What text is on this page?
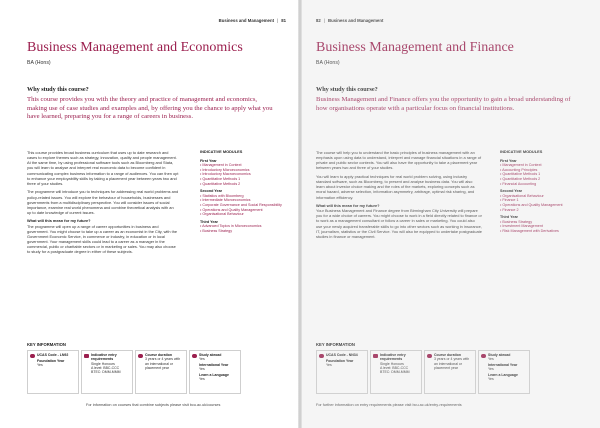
Business and Management | 81
Business Management and Economics
BA (Hons)
Why study this course?
This course provides you with the theory and practice of management and economics, making use of case studies and examples and, by offering you the chance to apply what you have learned, preparing you for a range of careers in business.

This course provides broad business curriculum that uses up to date research and cases to explore themes such as strategy, innovation, quality and people management. At the same time, by using professional software tools such as Bloomberg and Stata, you will learn to analyse and interpret real economic data to become confident in communicating complex business information to a range of audiences. You can then opt to enhance your employability skills by taking a placement year between years two and three of your studies.

The programme will introduce you to techniques for addressing real world problems and policy-related issues. You will explore the behaviour of households, businesses and governments from a multidisciplinary perspective. You will consider issues of social importance, examine real world phenomena and combine theoretical analysis with an up to date knowledge of current issues.

What will this mean for my future?

The programme will open up a range of career opportunities in business and government. You might choose to take up a career as an economist in the City, with the Government Economic Service, in commerce or industry, in education or in local government. Your management skills could lead to a career as a manager in the commercial, public or charitable sectors or in marketing or sales. You may also choose to study for a postgraduate degree in either of these subjects.

INDICATIVE MODULES
First Year
• Management in Context
• Introductory Microeconomics
• Introductory Macroeconomics
• Quantitative Methods 1
• Quantitative Methods 2
Second Year
• Statistics with Bloomberg
• Intermediate Microeconomics
• Corporate Governance and Social Responsibility
• Operations and Quality Management
• Organisational Behaviour
Third Year
• Advanced Topics in Microeconomics
• Business Strategy
KEY INFORMATION
UCAS Code - LN92
Foundation Year
Yes
Indicative entry requirements
Single Honours
A level: BBC-CCC
BTEC: DMM-MMM
Course duration
3 years or 4 years with an international or placement year
Study abroad
Yes
International Year
Yes
Learn a Language
Yes
For information on courses that combine subjects please visit bcu.ac.uk/courses
82 | Business and Management
Business Management and Finance
BA (Hons)
Why study this course?
Business Management and Finance offers you the opportunity to gain a broad understanding of how organisations operate with a particular focus on financial institutions.

The course will help you to understand the basic principles of business management with an emphasis upon using data to understand, interpret and manage financial situations in a range of private and public sector contexts. You will also have the opportunity to take a placement year between years two and three of your studies.

You will learn to apply practical techniques for real world problem solving, using industry standard software, such as Bloomberg, to present and analyse business data. You will also learn about investor choice making and the roles of the markets, exploring concepts such as moral hazard, adverse selection, information asymmetry, arbitrage, optimal risk sharing, and information efficiency.

What will this mean for my future?

Your Business Management and Finance degree from Birmingham City University will prepare you for a wide choice of careers. You might choose to work in a field directly related to finance or to work as a management consultant or follow a career in sales or marketing. You could also use your newly acquired transferable skills to go into other sectors such as working in insurance, IT, journalism, statistics or the Civil Service. You will also be equipped to undertake postgraduate studies in finance or management.

INDICATIVE MODULES
First Year
• Management in Context
• Accounting Principles
• Quantitative Methods 1
• Quantitative Methods 2
• Financial Accounting
Second Year
• Organisational Behaviour
• Finance 1
• Operations and Quality Management
• Finance 2
Third Year
• Business Strategy
• Investment Management
• Risk Management with Derivatives
KEY INFORMATION
UCAS Code - NN34
Foundation Year
Yes
Indicative entry requirements
Single Honours
A level: BBC-CCC
BTEC: DMM-MMM
Course duration
3 years or 4 years with an international or placement year
Study abroad
Yes
International Year
Yes
Learn a Language
Yes
For further information on entry requirements please visit bcu.ac.uk/entry-requirements
